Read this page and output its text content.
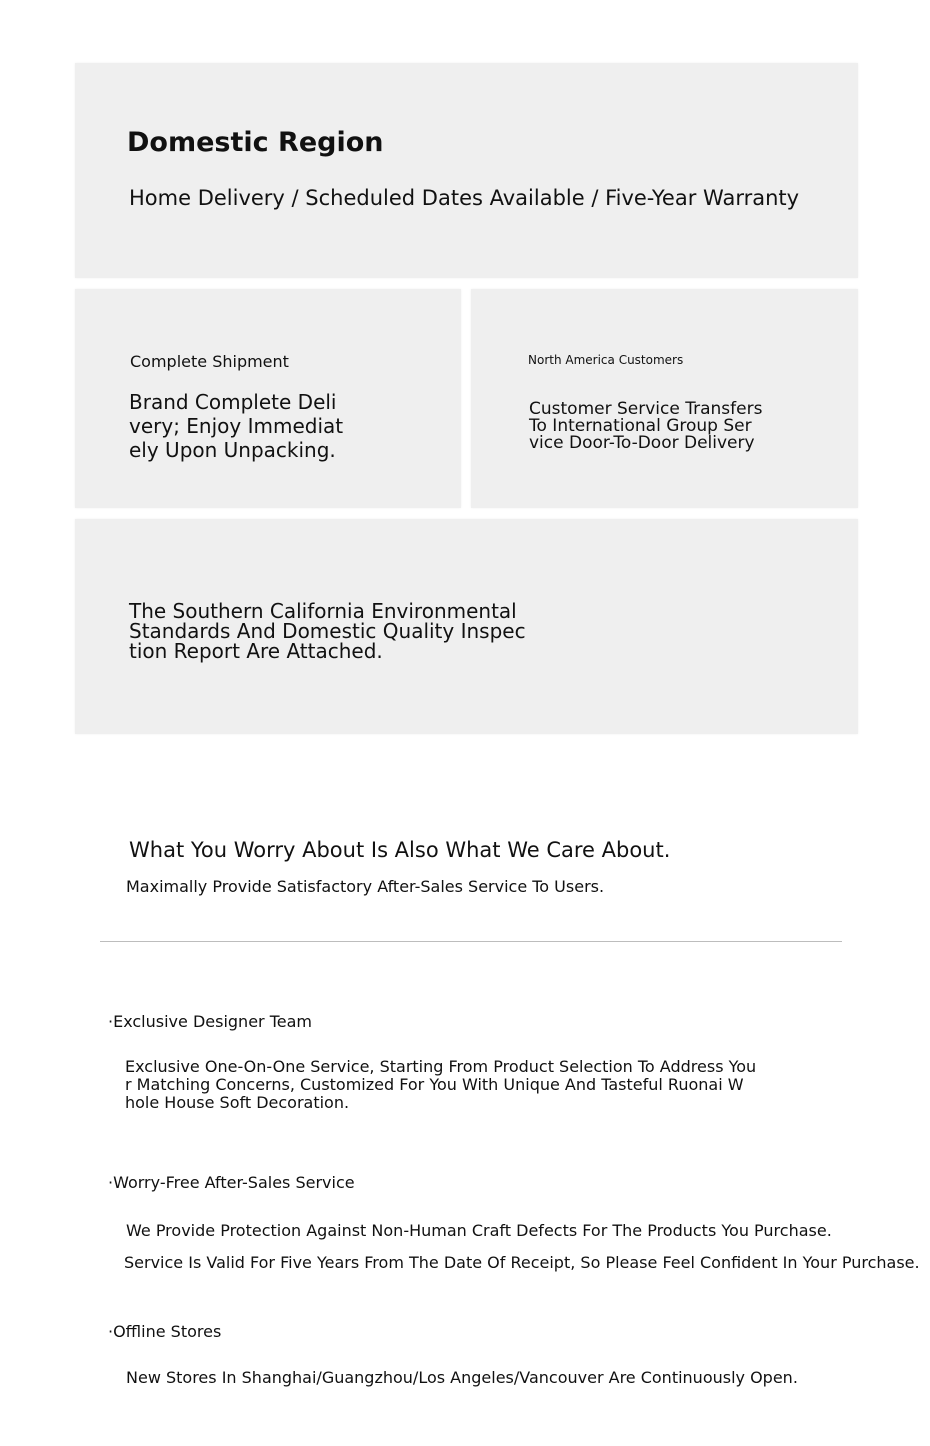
Domestic Region
Home Delivery / Scheduled Dates Available / Five-Year Warranty
Complete Shipment
Brand Complete Deli
very; Enjoy Immediat
ely Upon Unpacking.
North America Customers
Customer Service Transfers
To International Group Ser
vice Door-To-Door Delivery
The Southern California Environmental
Standards And Domestic Quality Inspec
tion Report Are Attached.
What You Worry About Is Also What We Care About.
Maximally Provide Satisfactory After-Sales Service To Users.
·Exclusive Designer Team
Exclusive One-On-One Service, Starting From Product Selection To Address You
r Matching Concerns, Customized For You With Unique And Tasteful Ruonai W
hole House Soft Decoration.
·Worry-Free After-Sales Service
We Provide Protection Against Non-Human Craft Defects For The Products You Purchase.
Service Is Valid For Five Years From The Date Of Receipt, So Please Feel Confident In Your Purchase.
·Offline Stores
New Stores In Shanghai/Guangzhou/Los Angeles/Vancouver Are Continuously Open.
